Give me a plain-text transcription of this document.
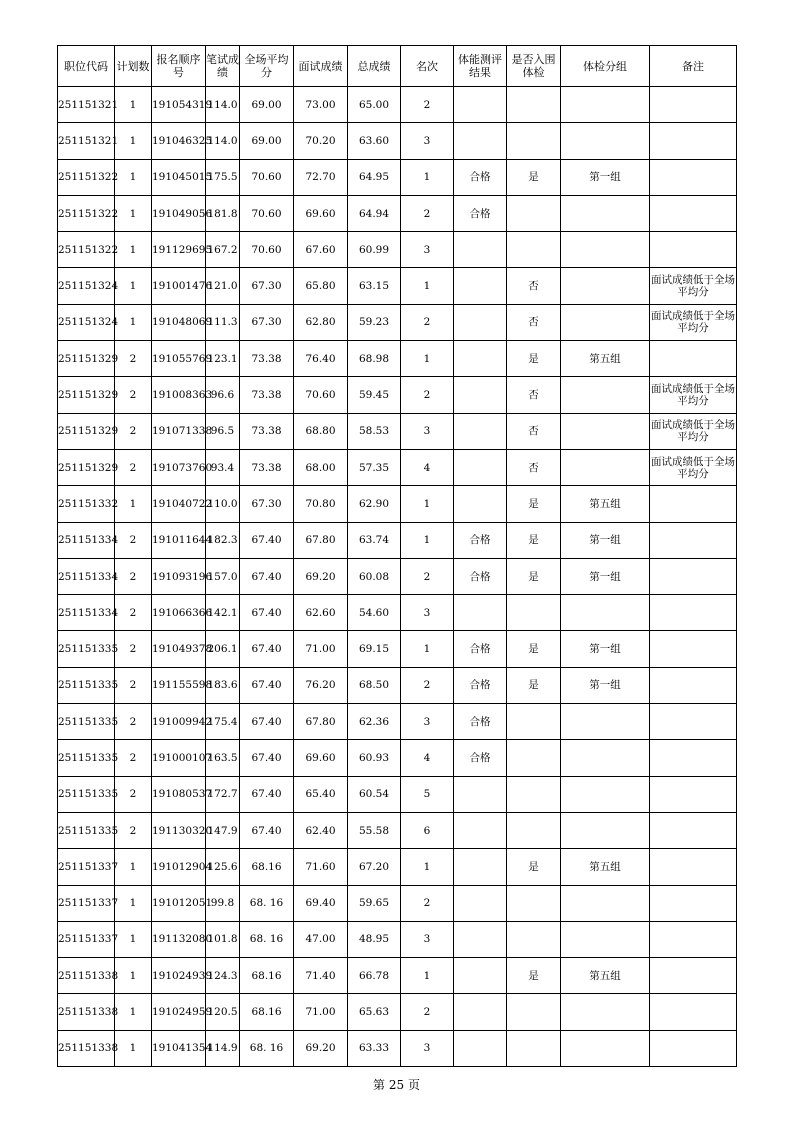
职位代码	计划数	报名顺序号	笔试成绩	全场平均分	面试成绩	总成绩	名次	体能测评结果	是否入围体检	体检分组	备注
251151321	1	191054319	114.0	69.00	73.00	65.00	2				
251151321	1	191046325	114.0	69.00	70.20	63.60	3				
251151322	1	191045015	175.5	70.60	72.70	64.95	1	合格	是	第一组	
251151322	1	191049056	181.8	70.60	69.60	64.94	2	合格			
251151322	1	191129695	167.2	70.60	67.60	60.99	3				
251151324	1	191001476	121.0	67.30	65.80	63.15	1		否		面试成绩低于全场平均分
251151324	1	191048069	111.3	67.30	62.80	59.23	2		否		面试成绩低于全场平均分
251151329	2	191055769	123.1	73.38	76.40	68.98	1		是	第五组	
251151329	2	191008363	96.6	73.38	70.60	59.45	2		否		面试成绩低于全场平均分
251151329	2	191071338	96.5	73.38	68.80	58.53	3		否		面试成绩低于全场平均分
251151329	2	191073760	93.4	73.38	68.00	57.35	4		否		面试成绩低于全场平均分
251151332	1	191040722	110.0	67.30	70.80	62.90	1		是	第五组	
251151334	2	191011644	182.3	67.40	67.80	63.74	1	合格	是	第一组	
251151334	2	191093196	157.0	67.40	69.20	60.08	2	合格	是	第一组	
251151334	2	191066366	142.1	67.40	62.60	54.60	3				
251151335	2	191049378	206.1	67.40	71.00	69.15	1	合格	是	第一组	
251151335	2	191155598	183.6	67.40	76.20	68.50	2	合格	是	第一组	
251151335	2	191009942	175.4	67.40	67.80	62.36	3	合格			
251151335	2	191000107	163.5	67.40	69.60	60.93	4	合格			
251151335	2	191080537	172.7	67.40	65.40	60.54	5				
251151335	2	191130320	147.9	67.40	62.40	55.58	6				
251151337	1	191012904	125.6	68.16	71.60	67.20	1		是	第五组	
251151337	1	191012051	99.8	68. 16	69.40	59.65	2				
251151337	1	191132080	101.8	68. 16	47.00	48.95	3				
251151338	1	191024939	124.3	68.16	71.40	66.78	1		是	第五组	
251151338	1	191024959	120.5	68.16	71.00	65.63	2				
251151338	1	191041354	114.9	68. 16	69.20	63.33	3				
第 25 页
